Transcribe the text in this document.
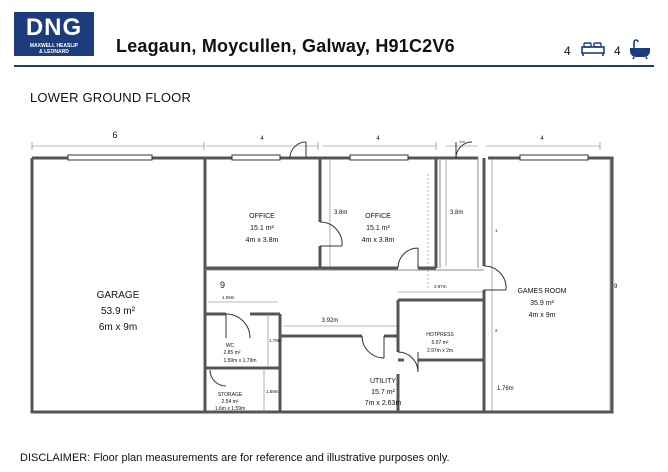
DNG
MAXWELL HEASLIP
& LEONARD	Leagaun, Moycullen, Galway, H91C2V6	4	4
LOWER GROUND FLOOR
6	4	4	1m	4
3.8m	3.8m
9	9
1.59m
1.79m
1.59m
3.92m
2.97m
1
2
1.76m
GARAGE
53.9 m²
6m x 9m
OFFICE
15.1 m²
4m x 3.8m
OFFICE
15.1 m²
4m x 3.8m
GAMES ROOM
35.9 m²
4m x 9m
WC
2.85 m²
1.59m x 1.79m
STORAGE
2.54 m²
1.6m x 1.59m
HOTPRESS
5.97 m²
2.97m x 2m
UTILITY
15.7 m²
7m x 2.63m
DISCLAIMER: Floor plan measurements are for reference and illustrative purposes only.
